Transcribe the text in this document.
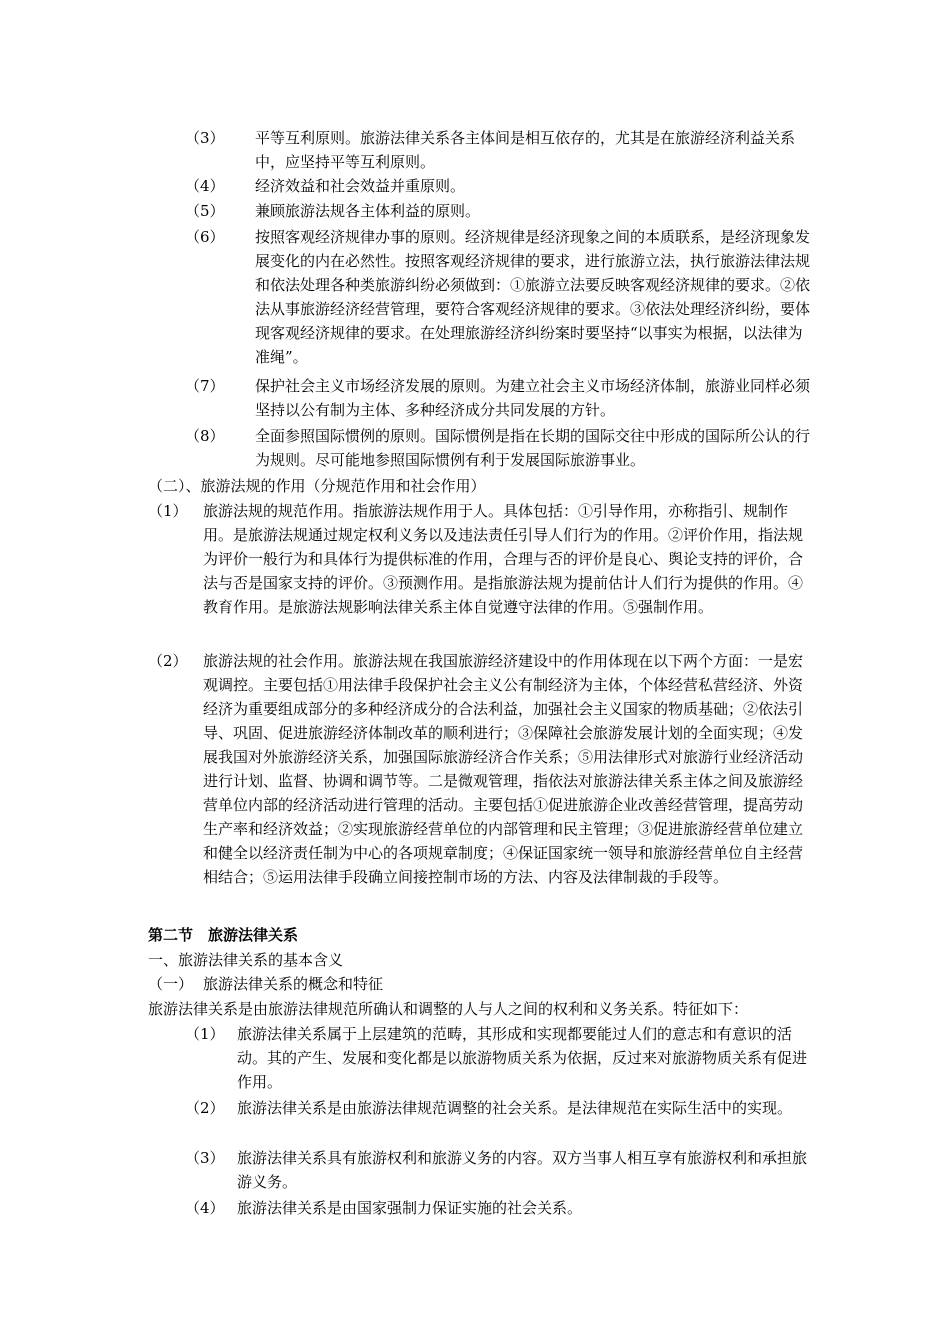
（3） 平等互利原则。旅游法律关系各主体间是相互依存的，尤其是在旅游经济利益关系中，应坚持平等互利原则。
（4） 经济效益和社会效益并重原则。
（5） 兼顾旅游法规各主体利益的原则。
（6） 按照客观经济规律办事的原则。经济规律是经济现象之间的本质联系，是经济现象发展变化的内在必然性。按照客观经济规律的要求，进行旅游立法，执行旅游法律法规和依法处理各种类旅游纠纷必须做到：①旅游立法要反映客观经济规律的要求。②依法从事旅游经济经营管理，要符合客观经济规律的要求。③依法处理经济纠纷，要体现客观经济规律的要求。在处理旅游经济纠纷案时要坚持“以事实为根据，以法律为准绳”。
（7） 保护社会主义市场经济发展的原则。为建立社会主义市场经济体制，旅游业同样必须坚持以公有制为主体、多种经济成分共同发展的方针。
（8） 全面参照国际惯例的原则。国际惯例是指在长期的国际交往中形成的国际所公认的行为规则。尽可能地参照国际惯例有利于发展国际旅游事业。
（二）、旅游法规的作用（分规范作用和社会作用）
（1） 旅游法规的规范作用。指旅游法规作用于人。具体包括：①引导作用，亦称指引、规制作用。是旅游法规通过规定权利义务以及违法责任引导人们行为的作用。②评价作用，指法规为评价一般行为和具体行为提供标准的作用，合理与否的评价是良心、舆论支持的评价，合法与否是国家支持的评价。③预测作用。是指旅游法规为提前估计人们行为提供的作用。④教育作用。是旅游法规影响法律关系主体自觉遵守法律的作用。⑤强制作用。
（2） 旅游法规的社会作用。旅游法规在我国旅游经济建设中的作用体现在以下两个方面：一是宏观调控。主要包括①用法律手段保护社会主义公有制经济为主体，个体经营私营经济、外资经济为重要组成部分的多种经济成分的合法利益，加强社会主义国家的物质基础；②依法引导、巩固、促进旅游经济体制改革的顺利进行；③保障社会旅游发展计划的全面实现；④发展我国对外旅游经济关系，加强国际旅游经济合作关系；⑤用法律形式对旅游行业经济活动进行计划、监督、协调和调节等。二是微观管理，指依法对旅游法律关系主体之间及旅游经营单位内部的经济活动进行管理的活动。主要包括①促进旅游企业改善经营管理，提高劳动生产率和经济效益；②实现旅游经营单位的内部管理和民主管理；③促进旅游经营单位建立和健全以经济责任制为中心的各项规章制度；④保证国家统一领导和旅游经营单位自主经营相结合；⑤运用法律手段确立间接控制市场的方法、内容及法律制裁的手段等。
第二节　旅游法律关系
一、旅游法律关系的基本含义
（一） 旅游法律关系的概念和特征
旅游法律关系是由旅游法律规范所确认和调整的人与人之间的权利和义务关系。特征如下：
（1） 旅游法律关系属于上层建筑的范畴，其形成和实现都要能过人们的意志和有意识的活动。其的产生、发展和变化都是以旅游物质关系为依据，反过来对旅游物质关系有促进作用。
（2） 旅游法律关系是由旅游法律规范调整的社会关系。是法律规范在实际生活中的实现。
（3） 旅游法律关系具有旅游权利和旅游义务的内容。双方当事人相互享有旅游权利和承担旅游义务。
（4） 旅游法律关系是由国家强制力保证实施的社会关系。
